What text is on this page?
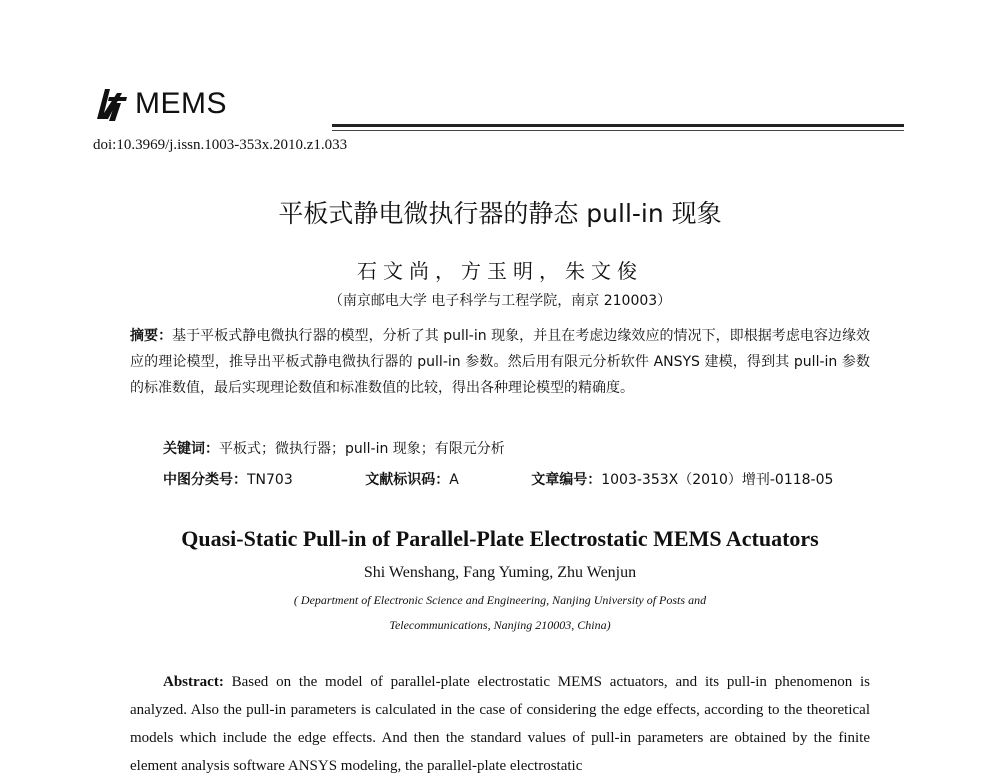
MEMS
doi:10.3969/j.issn.1003-353x.2010.z1.033
平板式静电微执行器的静态 pull-in 现象
石文尚，方玉明，朱文俊
（南京邮电大学 电子科学与工程学院，南京 210003）
摘要：基于平板式静电微执行器的模型，分析了其 pull-in 现象，并且在考虑边缘效应的情况下，即根据考虑电容边缘效应的理论模型，推导出平板式静电微执行器的 pull-in 参数。然后用有限元分析软件 ANSYS 建模，得到其 pull-in 参数的标准数值，最后实现理论数值和标准数值的比较，得出各种理论模型的精确度。
关键词：平板式；微执行器；pull-in 现象；有限元分析
中图分类号：TN703	文献标识码：A	文章编号：1003-353X（2010）增刊-0118-05
Quasi-Static Pull-in of Parallel-Plate Electrostatic MEMS Actuators
Shi Wenshang, Fang Yuming, Zhu Wenjun
( Department of Electronic Science and Engineering, Nanjing University of Posts and
Telecommunications, Nanjing 210003, China)
Abstract: Based on the model of parallel-plate electrostatic MEMS actuators, and its pull-in phenomenon is analyzed. Also the pull-in parameters is calculated in the case of considering the edge effects, according to the theoretical models which include the edge effects. And then the standard values of pull-in parameters are obtained by the finite element analysis software ANSYS modeling, the parallel-plate electrostatic
